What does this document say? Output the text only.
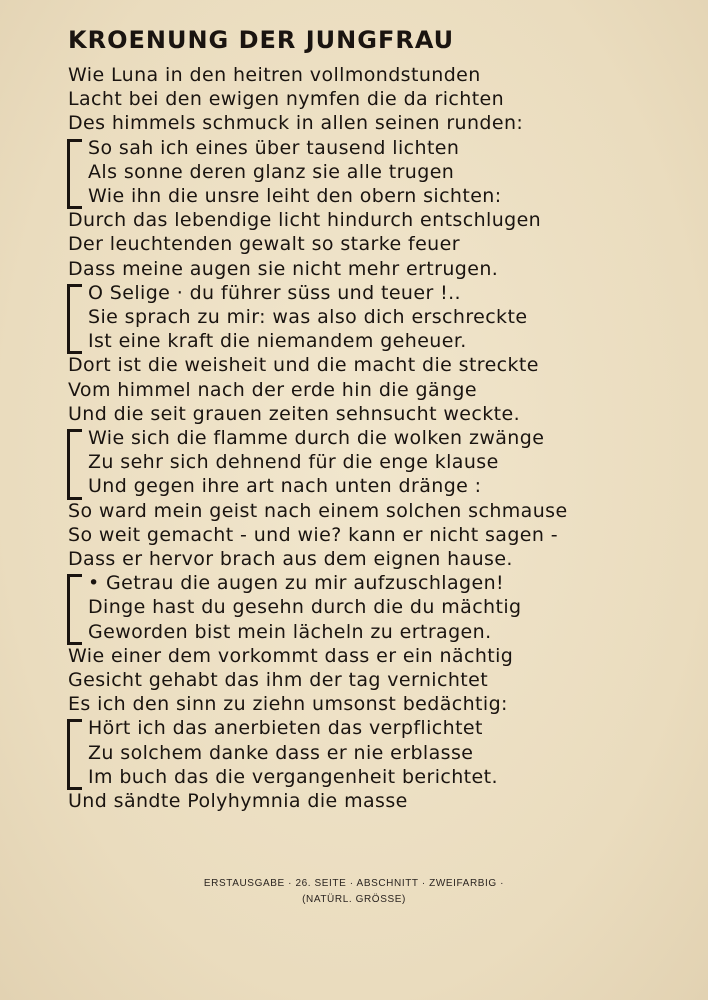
KROENUNG DER JUNGFRAU
Wie Luna in den heitren vollmondstunden
Lacht bei den ewigen nymfen die da richten
Des himmels schmuck in allen seinen runden:
So sah ich eines über tausend lichten
Als sonne deren glanz sie alle trugen
Wie ihn die unsre leiht den obern sichten:
Durch das lebendige licht hindurch entschlugen
Der leuchtenden gewalt so starke feuer
Dass meine augen sie nicht mehr ertrugen.
O Selige · du führer süss und teuer !..
Sie sprach zu mir: was also dich erschreckte
Ist eine kraft die niemandem geheuer.
Dort ist die weisheit und die macht die streckte
Vom himmel nach der erde hin die gänge
Und die seit grauen zeiten sehnsucht weckte.
Wie sich die flamme durch die wolken zwänge
Zu sehr sich dehnend für die enge klause
Und gegen ihre art nach unten dränge :
So ward mein geist nach einem solchen schmause
So weit gemacht - und wie? kann er nicht sagen -
Dass er hervor brach aus dem eignen hause.
• Getrau die augen zu mir aufzuschlagen!
Dinge hast du gesehn durch die du mächtig
Geworden bist mein lächeln zu ertragen.
Wie einer dem vorkommt dass er ein nächtig
Gesicht gehabt das ihm der tag vernichtet
Es ich den sinn zu ziehn umsonst bedächtig:
Hört ich das anerbieten das verpflichtet
Zu solchem danke dass er nie erblasse
Im buch das die vergangenheit berichtet.
Und sändte Polyhymnia die masse
ERSTAUSGABE · 26. SEITE · ABSCHNITT · ZWEIFARBIG ·
(NATÜRL. GRÖSSE)
